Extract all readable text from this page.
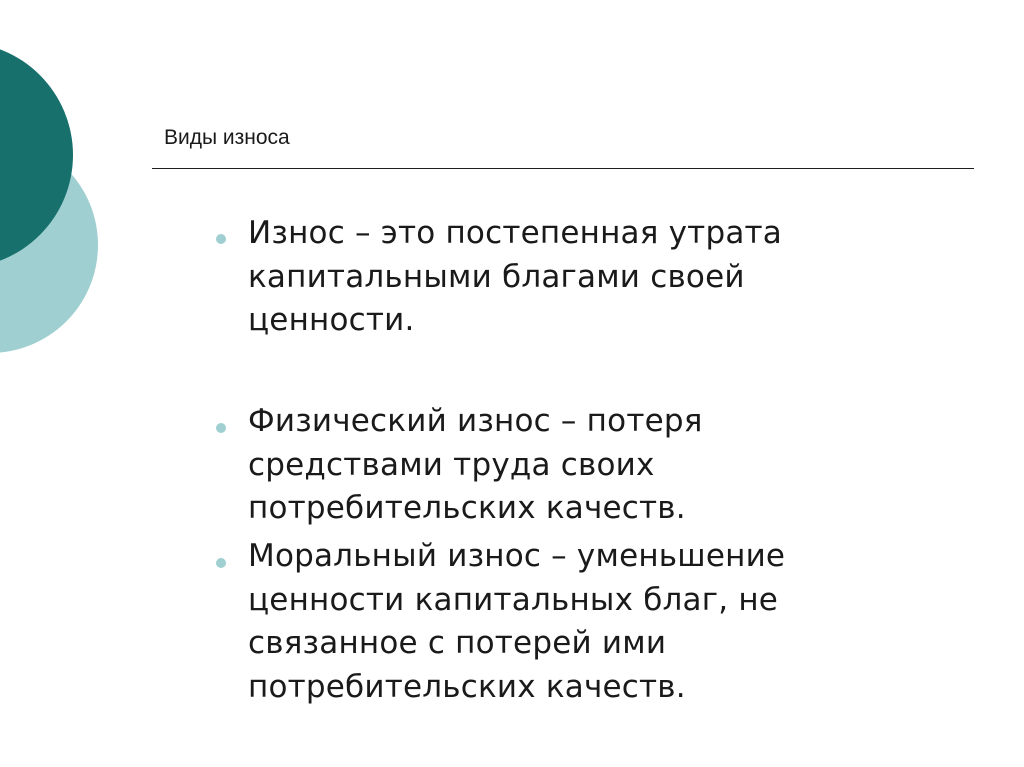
Виды износа
Износ – это постепенная утрата капитальными благами своей ценности.
Физический износ – потеря средствами труда своих потребительских качеств.
Моральный износ – уменьшение ценности капитальных благ, не связанное с потерей ими потребительских качеств.
